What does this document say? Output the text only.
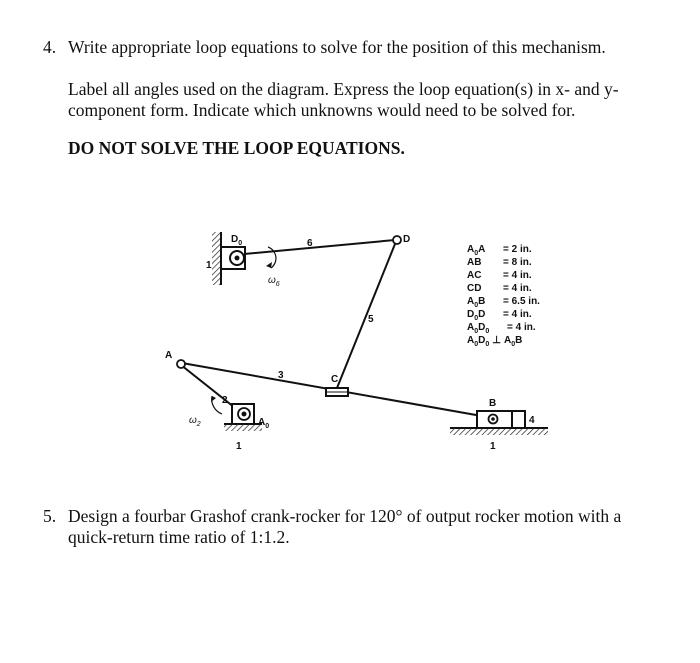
4. Write appropriate loop equations to solve for the position of this mechanism.
Label all angles used on the diagram. Express the loop equation(s) in x- and y-
component form. Indicate which unknowns would need to be solved for.
DO NOT SOLVE THE LOOP EQUATIONS.
$D_0$
1
6	D
5
A
3	C
2
$A_0$
1
B
4
1
$\omega_6$
$\omega_2$
$A_0A = 2$ in.
AB = 8 in.
AC = 4 in.
CD = 4 in.
$A_0B = 6.5$ in.
$D_0D = 4$ in.
$A_0D_0 = 4$ in.
$A_0D_0$ ⊥ $A_0B$
5. Design a fourbar Grashof crank-rocker for 120° of output rocker motion with a
quick-return time ratio of 1:1.2.
